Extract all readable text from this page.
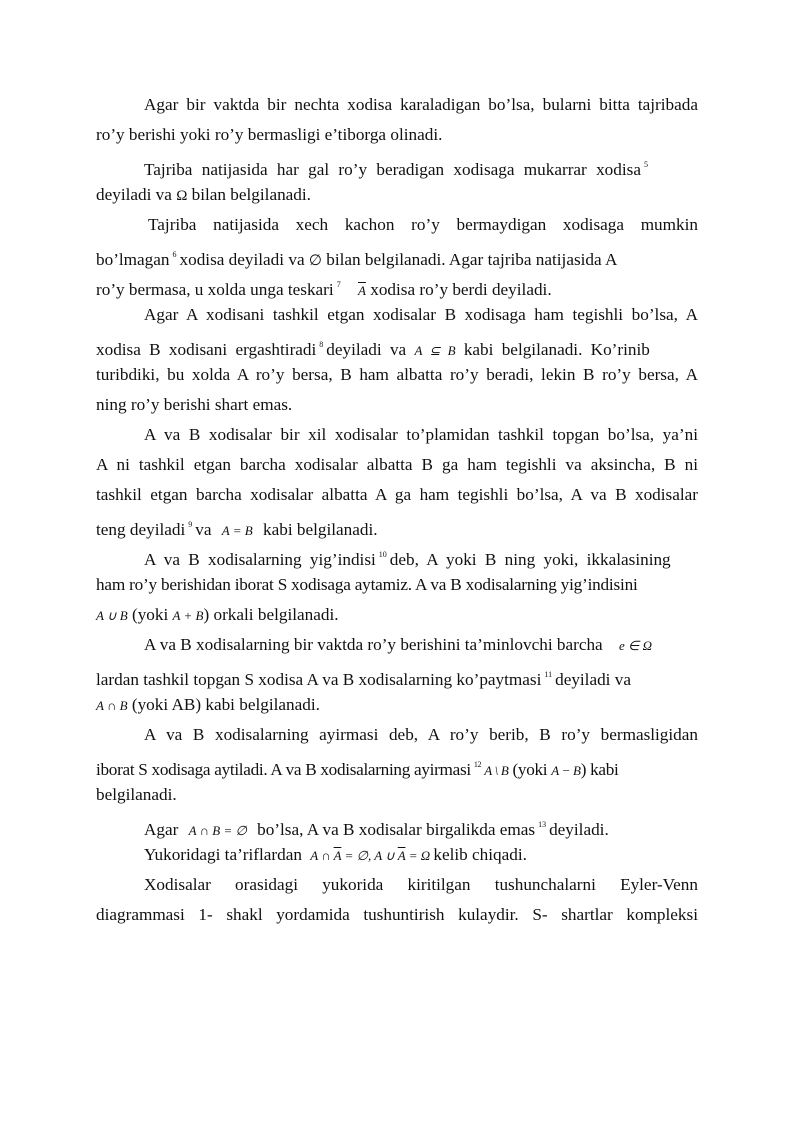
Agar bir vaktda bir nechta xodisa karaladigan bo’lsa, bularni bitta tajribada
ro’y berishi yoki ro’y bermasligi e’tiborga olinadi.
Tajriba natijasida har gal ro’y beradigan xodisaga mukarrar xodisa $^5$
deyiladi va Ω bilan belgilanadi.
Tajriba natijasida xech kachon ro’y bermaydigan xodisaga mumkin
bo’lmagan $^6$ xodisa deyiladi va ∅ bilan belgilanadi. Agar tajriba natijasida A
ro’y bermasa, u xolda unga teskari $^7$ $\overline{A}$ xodisa ro’y berdi deyiladi.
Agar A xodisani tashkil etgan xodisalar B xodisaga ham tegishli bo’lsa, A
xodisa B xodisani ergashtiradi $^8$ deyiladi va A ⊆ B kabi belgilanadi. Ko’rinib
turibdiki, bu xolda A ro’y bersa, B ham albatta ro’y beradi, lekin B ro’y bersa, A
ning ro’y berishi shart emas.
A va B xodisalar bir xil xodisalar to’plamidan tashkil topgan bo’lsa, ya’ni
A ni tashkil etgan barcha xodisalar albatta B ga ham tegishli va aksincha, B ni
tashkil etgan barcha xodisalar albatta A ga ham tegishli bo’lsa, A va B xodisalar
teng deyiladi $^9$ va A = B kabi belgilanadi.
A va B xodisalarning yig’indisi $^{10}$ deb, A yoki B ning yoki, ikkalasining
ham ro’y berishidan iborat S xodisaga aytamiz. A va B xodisalarning yig’indisini
A ∪ B (yoki A + B) orkali belgilanadi.
A va B xodisalarning bir vaktda ro’y berishini ta’minlovchi barcha e ∈ Ω
lardan tashkil topgan S xodisa A va B xodisalarning ko’paytmasi $^{11}$ deyiladi va
A ∩ B (yoki AB) kabi belgilanadi.
A va B xodisalarning ayirmasi deb, A ro’y berib, B ro’y bermasligidan
iborat S xodisaga aytiladi. A va B xodisalarning ayirmasi $^{12}$ A \ B (yoki A − B) kabi
belgilanadi.
Agar A ∩ B = ∅ bo’lsa, A va B xodisalar birgalikda emas $^{13}$ deyiladi.
Yukoridagi ta’riflardan A ∩ $\overline{A}$ = ∅, A ∪ $\overline{A} = \Omega$ kelib chiqadi.
Xodisalar orasidagi yukorida kiritilgan tushunchalarni Eyler-Venn
diagrammasi 1- shakl yordamida tushuntirish kulaydir. S- shartlar kompleksi
